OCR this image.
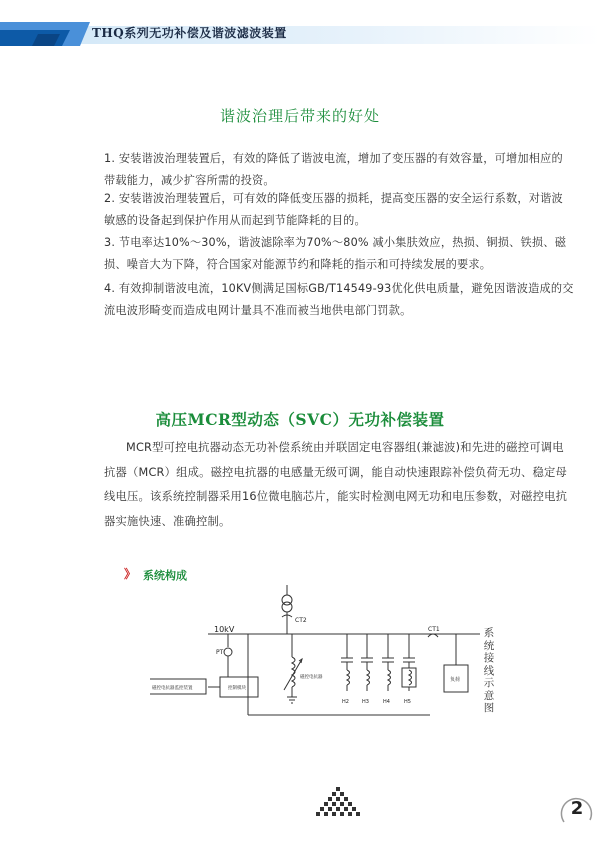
THQ系列无功补偿及谐波滤波装置
谐波治理后带来的好处
1. 安装谐波治理装置后，有效的降低了谐波电流，增加了变压器的有效容量，可增加相应的带载能力，减少扩容所需的投资。
2. 安装谐波治理装置后，可有效的降低变压器的损耗，提高变压器的安全运行系数，对谐波敏感的设备起到保护作用从而起到节能降耗的目的。
3. 节电率达10%～30%，谐波滤除率为70%～80% 减小集肤效应，热损、铜损、铁损、磁损、噪音大为下降，符合国家对能源节约和降耗的指示和可持续发展的要求。
4. 有效抑制谐波电流，10KV侧满足国标GB/T14549-93优化供电质量，避免因谐波造成的交流电波形畸变而造成电网计量具不准而被当地供电部门罚款。
高压MCR型动态（SVC）无功补偿装置
MCR型可控电抗器动态无功补偿系统由并联固定电容器组(兼滤波)和先进的磁控可调电抗器（MCR）组成。磁控电抗器的电感量无级可调，能自动快速跟踪补偿负荷无功、稳定母线电压。该系统控制器采用16位微电脑芯片，能实时检测电网无功和电压参数，对磁控电抗器实施快速、准确控制。
》 系统构成
CT2
10kV
PT
CT1
磁控电抗器监控装置	控制模块
磁控电抗器
H2	H3	H4	H5
负荷
系统接线示意图
2
